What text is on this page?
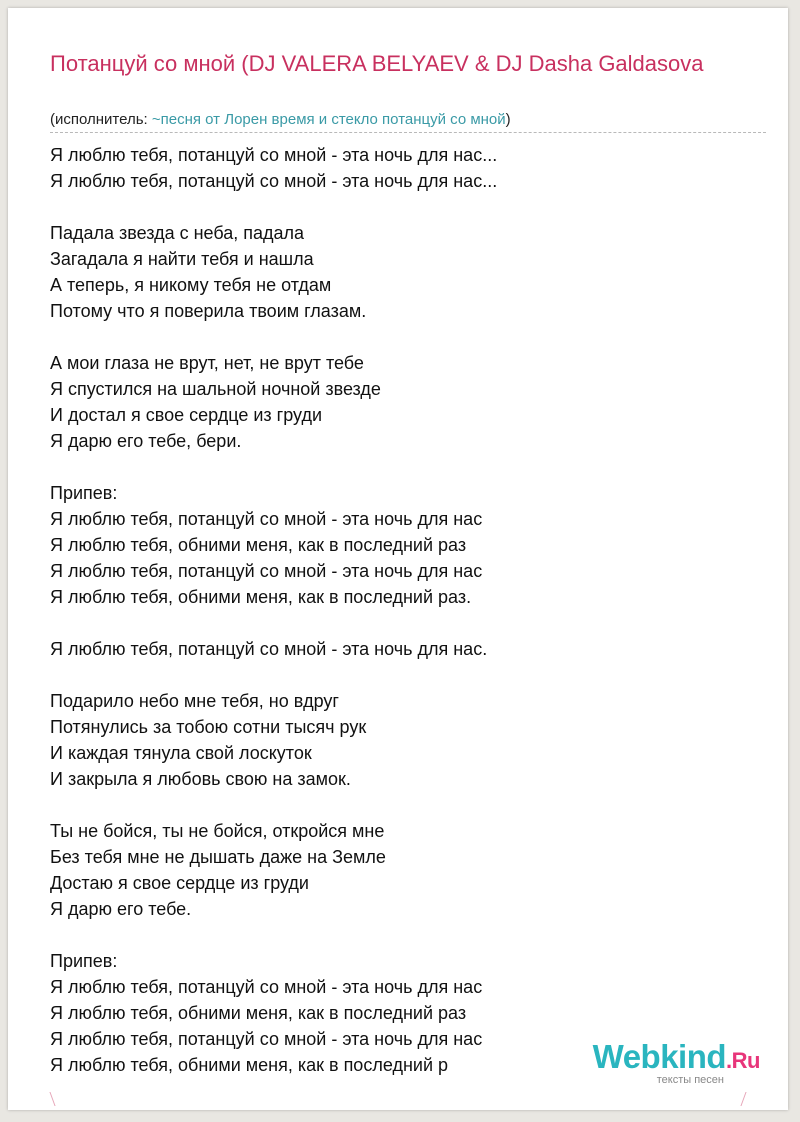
Потанцуй со мной (DJ VALERA BELYAEV & DJ Dasha Galdasova
(исполнитель: ~песня от Лорен время и стекло потанцуй со мной)
Я люблю тебя, потанцуй со мной - эта ночь для нас...
Я люблю тебя, потанцуй со мной - эта ночь для нас...
Падала звезда с неба, падала
Загадала я найти тебя и нашла
А теперь, я никому тебя не отдам
Потому что я поверила твоим глазам.
А мои глаза не врут, нет, не врут тебе
Я спустился на шальной ночной звезде
И достал я свое сердце из груди
Я дарю его тебе, бери.
Припев:
Я люблю тебя, потанцуй со мной - эта ночь для нас
Я люблю тебя, обними меня, как в последний раз
Я люблю тебя, потанцуй со мной - эта ночь для нас
Я люблю тебя, обними меня, как в последний раз.
Я люблю тебя, потанцуй со мной - эта ночь для нас.
Подарило небо мне тебя, но вдруг
Потянулись за тобою сотни тысяч рук
И каждая тянула свой лоскуток
И закрыла я любовь свою на замок.
Ты не бойся, ты не бойся, откройся мне
Без тебя мне не дышать даже на Земле
Достаю я свое сердце из груди
Я дарю его тебе.
Припев:
Я люблю тебя, потанцуй со мной - эта ночь для нас
Я люблю тебя, обними меня, как в последний раз
Я люблю тебя, потанцуй со мной - эта ночь для нас
Я люблю тебя, обними меня, как в последний р	Webkind.Ru
тексты песен
